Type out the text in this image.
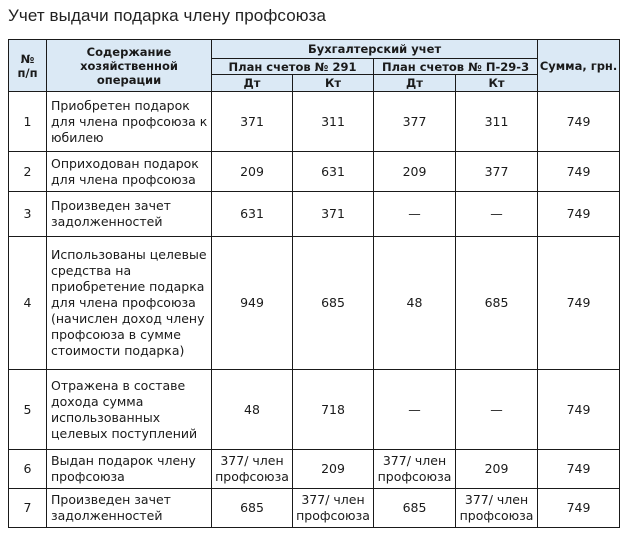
Учет выдачи подарка члену профсоюза
№ п/п	Содержание хозяйственной операции	Бухгалтерский учет				Сумма, грн.
		План счетов № 291		План счетов № П-29-3		
		Дт	Кт	Дт	Кт	
1	Приобретен подарок для члена профсоюза к юбилею	371	311	377	311	749
2	Оприходован подарок для члена профсоюза	209	631	209	377	749
3	Произведен зачет задолженностей	631	371	—	—	749
4	Использованы целевые средства на приобретение подарка для члена профсоюза (начислен доход члену профсоюза в сумме стоимости подарка)	949	685	48	685	749
5	Отражена в составе дохода сумма использованных целевых поступлений	48	718	—	—	749
6	Выдан подарок члену профсоюза	377/ член профсоюза	209	377/ член профсоюза	209	749
7	Произведен зачет задолженностей	685	377/ член профсоюза	685	377/ член профсоюза	749
